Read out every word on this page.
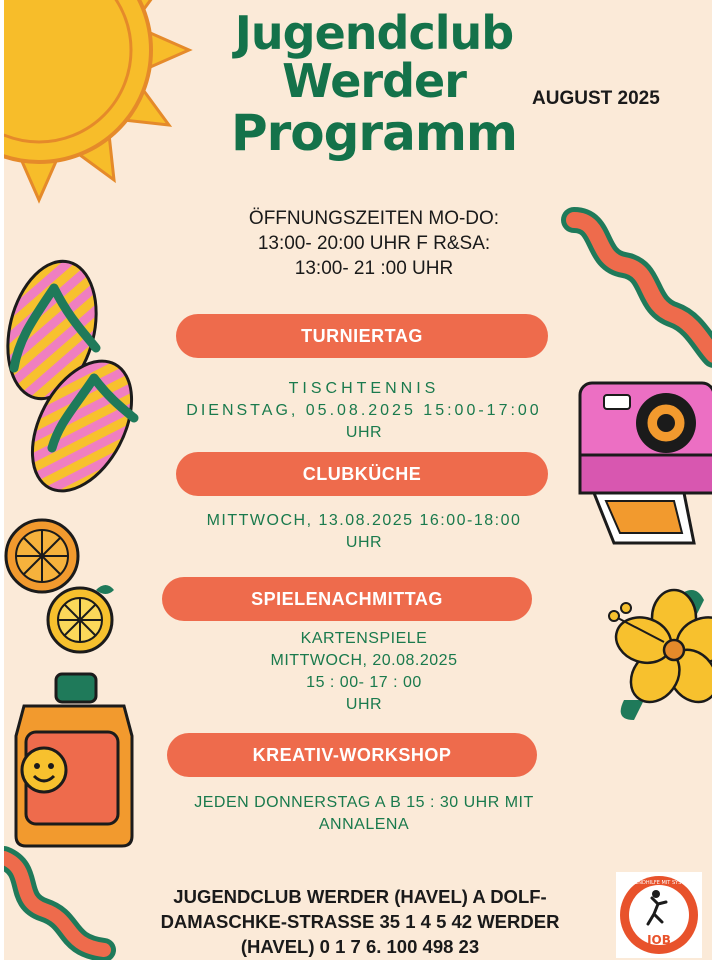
Jugendclub
Werder
Programm
AUGUST 2025
ÖFFNUNGSZEITEN MO-DO:
13:00- 20:00 UHR F R&SA:
13:00- 21 :00 UHR
TURNIERTAG
TISCHTENNIS
DIENSTAG, 05.08.2025 15:00-17:00
UHR
CLUBKÜCHE
MITTWOCH, 13.08.2025 16:00-18:00
UHR
SPIELENACHMITTAG
KARTENSPIELE
MITTWOCH, 20.08.2025
15 : 00- 17 : 00
UHR
KREATIV-WORKSHOP
JEDEN DONNERSTAG A B 15 : 30 UHR MIT
ANNALENA
JUGENDCLUB WERDER (HAVEL) A DOLF-
DAMASCHKE-STRASSE 35 1 4 5 42 WERDER
(HAVEL) 0 1 7 6. 100 498 23	JOB
JUGENDHILFE MIT SYSTEM
